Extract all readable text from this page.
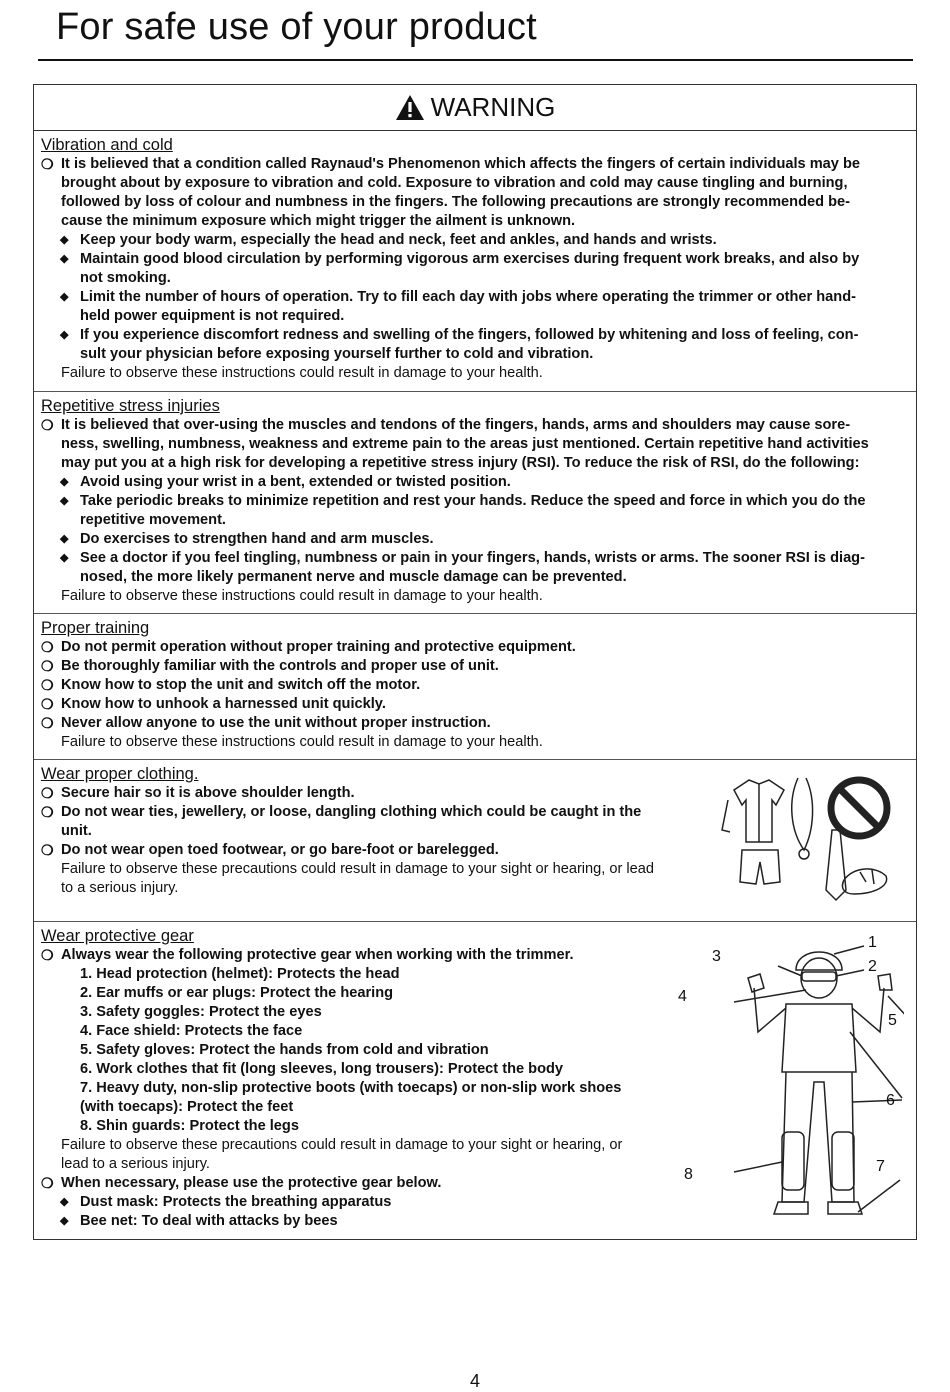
For safe use of your product
WARNING
Vibration and cold
❍ It is believed that a condition called Raynaud's Phenomenon which affects the fingers of certain individuals may be
brought about by exposure to vibration and cold. Exposure to vibration and cold may cause tingling and burning,
followed by loss of colour and numbness in the fingers. The following precautions are strongly recommended be-
cause the minimum exposure which might trigger the ailment is unknown.
◆ Keep your body warm, especially the head and neck, feet and ankles, and hands and wrists.
◆ Maintain good blood circulation by performing vigorous arm exercises during frequent work breaks, and also by
not smoking.
◆ Limit the number of hours of operation. Try to fill each day with jobs where operating the trimmer or other hand-
held power equipment is not required.
◆ If you experience discomfort redness and swelling of the fingers, followed by whitening and loss of feeling, con-
sult your physician before exposing yourself further to cold and vibration.
Failure to observe these instructions could result in damage to your health.
Repetitive stress injuries
❍ It is believed that over-using the muscles and tendons of the fingers, hands, arms and shoulders may cause sore-
ness, swelling, numbness, weakness and extreme pain to the areas just mentioned. Certain repetitive hand activities
may put you at a high risk for developing a repetitive stress injury (RSI). To reduce the risk of RSI, do the following:
◆ Avoid using your wrist in a bent, extended or twisted position.
◆ Take periodic breaks to minimize repetition and rest your hands. Reduce the speed and force in which you do the
repetitive movement.
◆ Do exercises to strengthen hand and arm muscles.
◆ See a doctor if you feel tingling, numbness or pain in your fingers, hands, wrists or arms. The sooner RSI is diag-
nosed, the more likely permanent nerve and muscle damage can be prevented.
Failure to observe these instructions could result in damage to your health.
Proper training
❍ Do not permit operation without proper training and protective equipment.
❍ Be thoroughly familiar with the controls and proper use of unit.
❍ Know how to stop the unit and switch off the motor.
❍ Know how to unhook a harnessed unit quickly.
❍ Never allow anyone to use the unit without proper instruction.
Failure to observe these instructions could result in damage to your health.
Wear proper clothing.
❍ Secure hair so it is above shoulder length.
❍ Do not wear ties, jewellery, or loose, dangling clothing which could be caught in the
unit.
❍ Do not wear open toed footwear, or go bare-foot or barelegged.
Failure to observe these precautions could result in damage to your sight or hearing, or lead
to a serious injury.
Wear protective gear
❍ Always wear the following protective gear when working with the trimmer.
1. Head protection (helmet): Protects the head
2. Ear muffs or ear plugs: Protect the hearing
3. Safety goggles: Protect the eyes
4. Face shield: Protects the face
5. Safety gloves: Protect the hands from cold and vibration
6. Work clothes that fit (long sleeves, long trousers): Protect the body
7. Heavy duty, non-slip protective boots (with toecaps) or non-slip work shoes
(with toecaps): Protect the feet
8. Shin guards: Protect the legs
Failure to observe these precautions could result in damage to your sight or hearing, or
lead to a serious injury.
❍ When necessary, please use the protective gear below.
◆ Dust mask: Protects the breathing apparatus
◆ Bee net: To deal with attacks by bees
1
2
3
4
5
6
7
8
4
